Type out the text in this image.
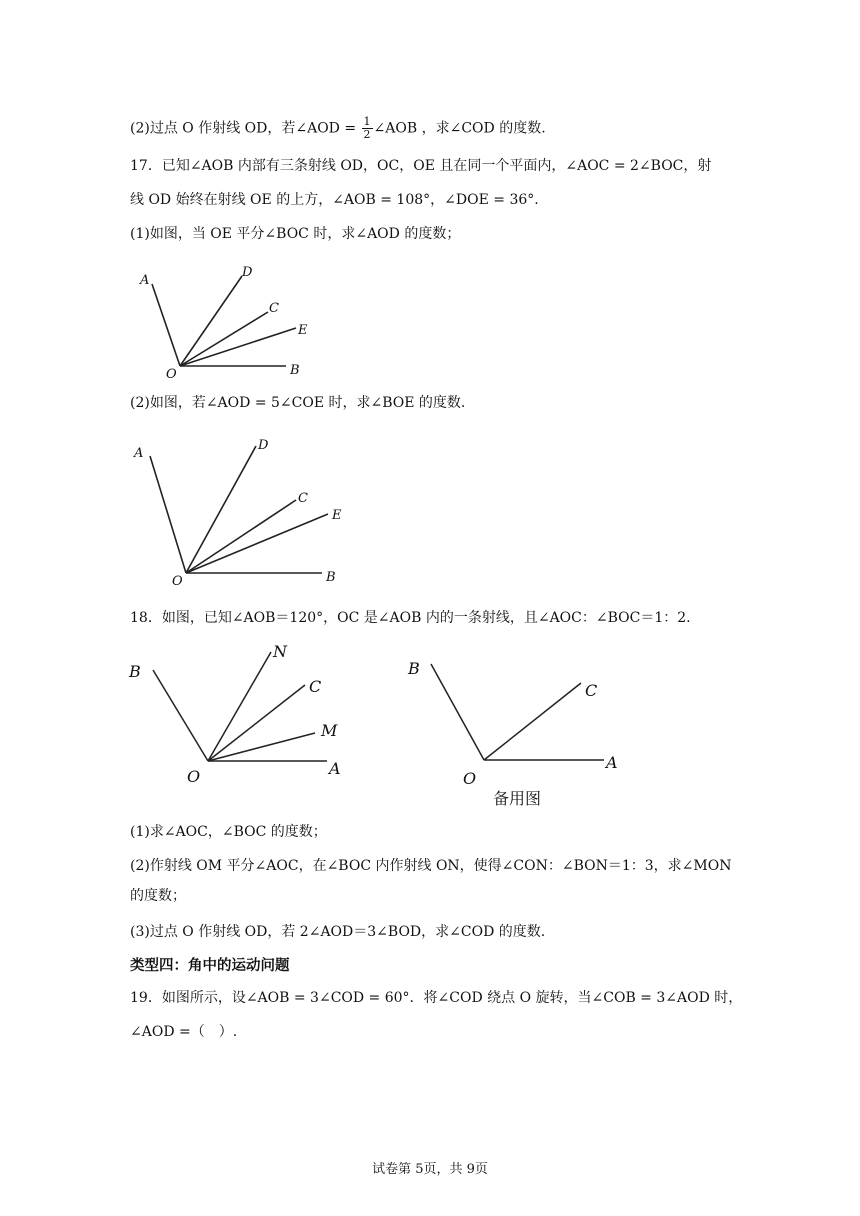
(2)过点 O 作射线 OD，若∠AOD = $\frac{1}{2}$ ∠AOB ，求∠COD 的度数.
17．已知∠AOB 内部有三条射线 OD，OC，OE 且在同一个平面内，∠AOC = 2∠BOC，射
线 OD 始终在射线 OE 的上方，∠AOB = 108°，∠DOE = 36°.
(1)如图，当 OE 平分∠BOC 时，求∠AOD 的度数；
A
D
C
E
O	B
(2)如图，若∠AOD = 5∠COE 时，求∠BOE 的度数.
A
D
C
E
O	B
18．如图，已知∠AOB＝120°，OC 是∠AOB 内的一条射线，且∠AOC：∠BOC＝1：2.
B
N
C
M
O	A
B
C
O
A
备用图
(1)求∠AOC，∠BOC 的度数；
(2)作射线 OM 平分∠AOC，在∠BOC 内作射线 ON，使得∠CON：∠BON＝1：3，求∠MON
的度数；
(3)过点 O 作射线 OD，若 2∠AOD＝3∠BOD，求∠COD 的度数.
类型四：角中的运动问题
19．如图所示，设∠AOB = 3∠COD = 60°．将∠COD 绕点 O 旋转，当∠COB = 3∠AOD 时，
∠AOD =（　）.
试卷第 5页，共 9页
